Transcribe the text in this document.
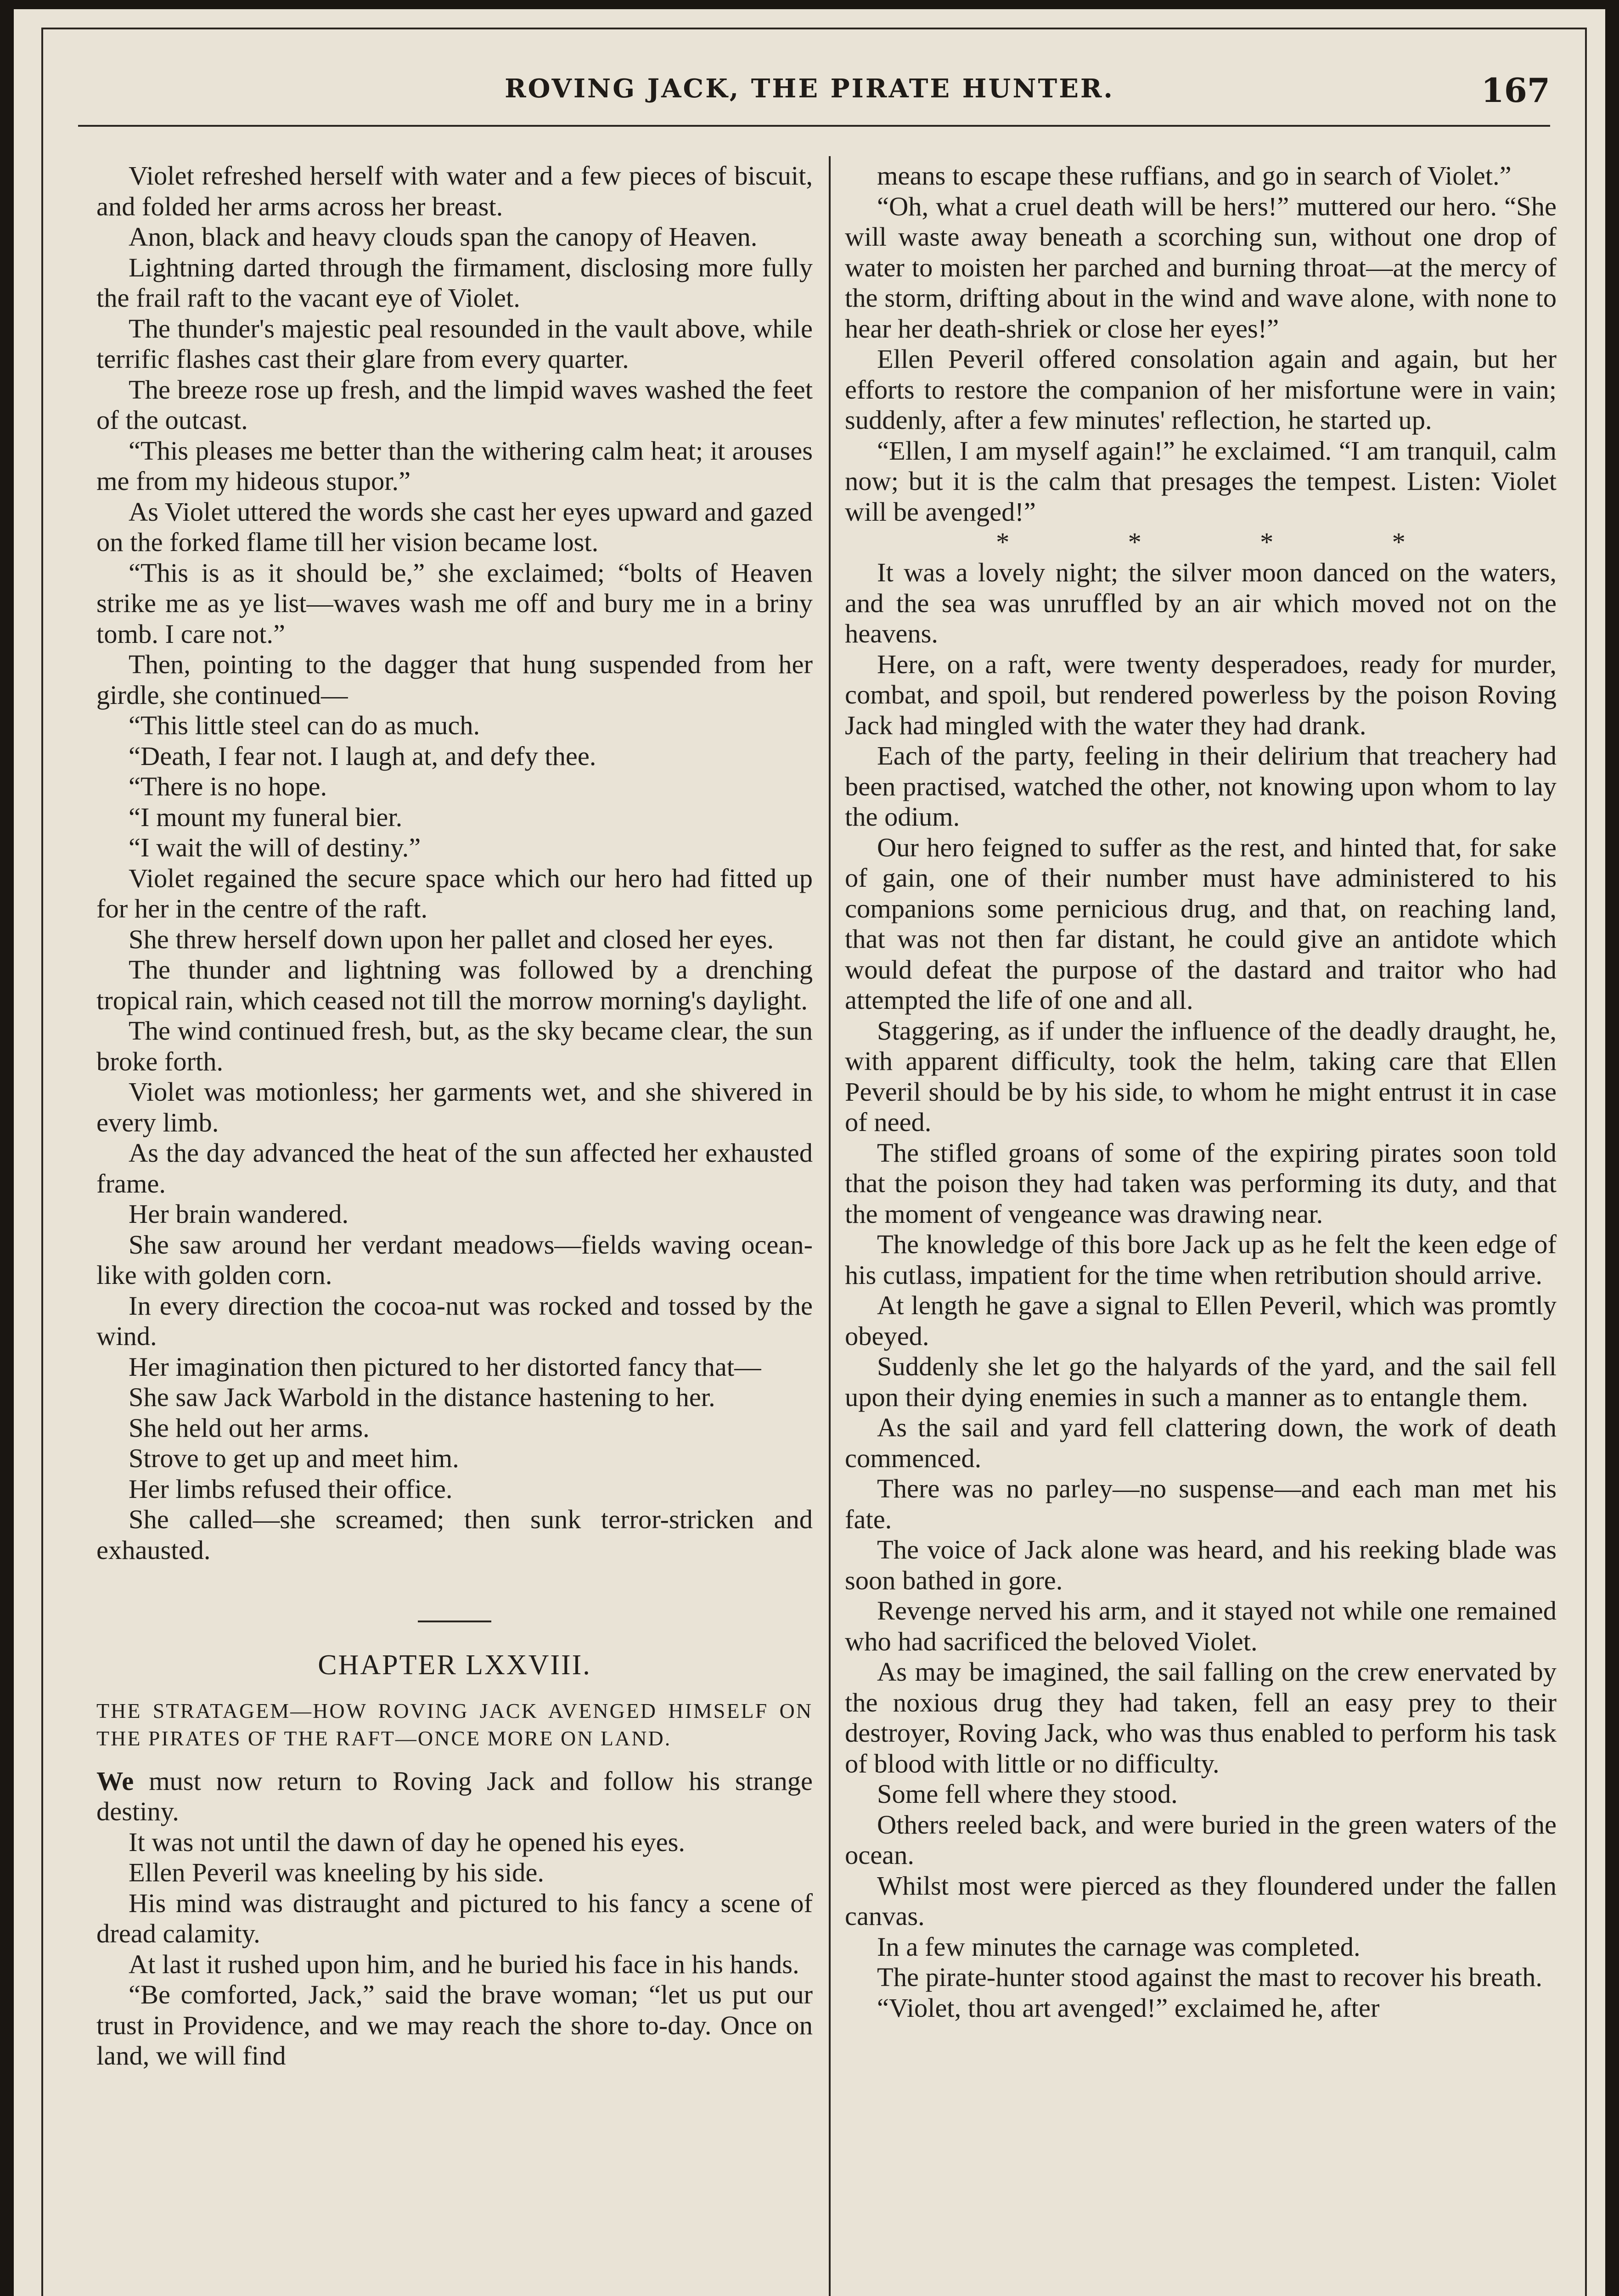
ROVING JACK, THE PIRATE HUNTER.	167

Violet refreshed herself with water and a few pieces of biscuit, and folded her arms across her breast.

Anon, black and heavy clouds span the canopy of Heaven.

Lightning darted through the firmament, disclosing more fully the frail raft to the vacant eye of Violet.

The thunder's majestic peal resounded in the vault above, while terrific flashes cast their glare from every quarter.

The breeze rose up fresh, and the limpid waves washed the feet of the outcast.

“This pleases me better than the withering calm heat; it arouses me from my hideous stupor.”

As Violet uttered the words she cast her eyes upward and gazed on the forked flame till her vision became lost.

“This is as it should be,” she exclaimed; “bolts of Heaven strike me as ye list—waves wash me off and bury me in a briny tomb. I care not.”

Then, pointing to the dagger that hung suspended from her girdle, she continued—

“This little steel can do as much.

“Death, I fear not. I laugh at, and defy thee.

“There is no hope.

“I mount my funeral bier.

“I wait the will of destiny.”

Violet regained the secure space which our hero had fitted up for her in the centre of the raft.

She threw herself down upon her pallet and closed her eyes.

The thunder and lightning was followed by a drenching tropical rain, which ceased not till the morrow morning's daylight.

The wind continued fresh, but, as the sky became clear, the sun broke forth.

Violet was motionless; her garments wet, and she shivered in every limb.

As the day advanced the heat of the sun affected her exhausted frame.

Her brain wandered.

She saw around her verdant meadows—fields waving ocean-like with golden corn.

In every direction the cocoa-nut was rocked and tossed by the wind.

Her imagination then pictured to her distorted fancy that—

She saw Jack Warbold in the distance hastening to her.

She held out her arms.

Strove to get up and meet him.

Her limbs refused their office.

She called—she screamed; then sunk terror-stricken and exhausted.

CHAPTER LXXVIII.
THE STRATAGEM—HOW ROVING JACK AVENGED HIMSELF ON THE PIRATES OF THE RAFT—ONCE MORE ON LAND.

We must now return to Roving Jack and follow his strange destiny.

It was not until the dawn of day he opened his eyes.

Ellen Peveril was kneeling by his side.

His mind was distraught and pictured to his fancy a scene of dread calamity.

At last it rushed upon him, and he buried his face in his hands.

“Be comforted, Jack,” said the brave woman; “let us put our trust in Providence, and we may reach the shore to-day. Once on land, we will find

means to escape these ruffians, and go in search of Violet.”

“Oh, what a cruel death will be hers!” muttered our hero. “She will waste away beneath a scorching sun, without one drop of water to moisten her parched and burning throat—at the mercy of the storm, drifting about in the wind and wave alone, with none to hear her death-shriek or close her eyes!”

Ellen Peveril offered consolation again and again, but her efforts to restore the companion of her misfortune were in vain; suddenly, after a few minutes' reflection, he started up.

“Ellen, I am myself again!” he exclaimed. “I am tranquil, calm now; but it is the calm that presages the tempest. Listen: Violet will be avenged!”

*	*	*	*

It was a lovely night; the silver moon danced on the waters, and the sea was unruffled by an air which moved not on the heavens.

Here, on a raft, were twenty desperadoes, ready for murder, combat, and spoil, but rendered powerless by the poison Roving Jack had mingled with the water they had drank.

Each of the party, feeling in their delirium that treachery had been practised, watched the other, not knowing upon whom to lay the odium.

Our hero feigned to suffer as the rest, and hinted that, for sake of gain, one of their number must have administered to his companions some pernicious drug, and that, on reaching land, that was not then far distant, he could give an antidote which would defeat the purpose of the dastard and traitor who had attempted the life of one and all.

Staggering, as if under the influence of the deadly draught, he, with apparent difficulty, took the helm, taking care that Ellen Peveril should be by his side, to whom he might entrust it in case of need.

The stifled groans of some of the expiring pirates soon told that the poison they had taken was performing its duty, and that the moment of vengeance was drawing near.

The knowledge of this bore Jack up as he felt the keen edge of his cutlass, impatient for the time when retribution should arrive.

At length he gave a signal to Ellen Peveril, which was promtly obeyed.

Suddenly she let go the halyards of the yard, and the sail fell upon their dying enemies in such a manner as to entangle them.

As the sail and yard fell clattering down, the work of death commenced.

There was no parley—no suspense—and each man met his fate.

The voice of Jack alone was heard, and his reeking blade was soon bathed in gore.

Revenge nerved his arm, and it stayed not while one remained who had sacrificed the beloved Violet.

As may be imagined, the sail falling on the crew enervated by the noxious drug they had taken, fell an easy prey to their destroyer, Roving Jack, who was thus enabled to perform his task of blood with little or no difficulty.

Some fell where they stood.

Others reeled back, and were buried in the green waters of the ocean.

Whilst most were pierced as they floundered under the fallen canvas.

In a few minutes the carnage was completed.

The pirate-hunter stood against the mast to recover his breath.

“Violet, thou art avenged!” exclaimed he, after
